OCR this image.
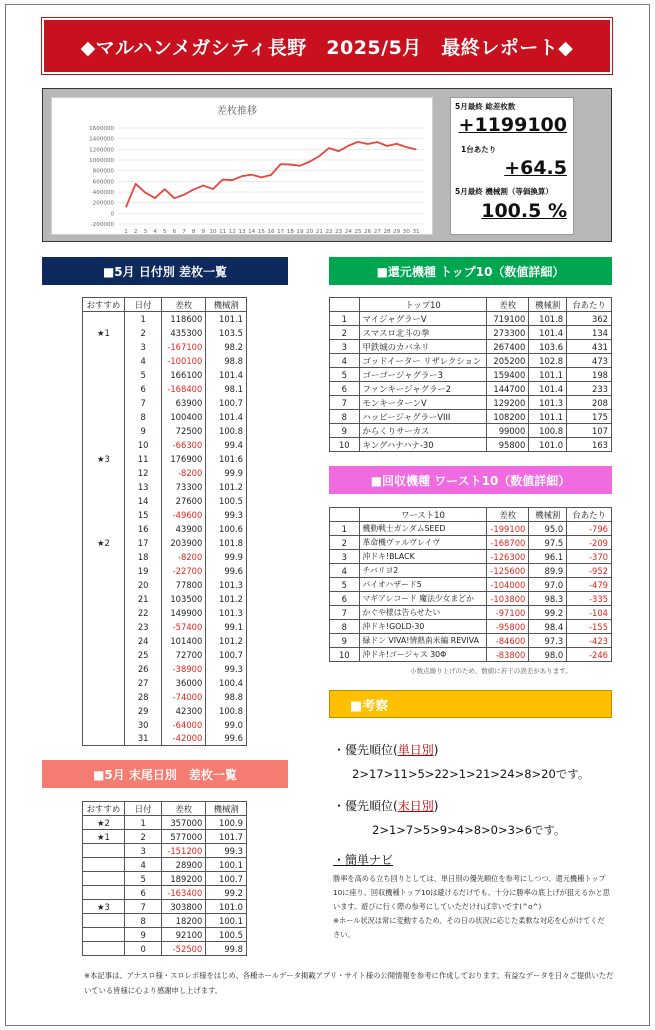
◆マルハンメガシティ長野　2025/5月　最終レポート◆
差枚推移
1600000
1400000
1200000
1000000
800000
600000
400000
200000
0
-200000
1 2 3 4 5 6 7 8 9 10 11 12 13 14 15 16 17 18 19 20 21 22 23 24 25 26 27 28 29 30 31
5月最終 総差枚数
+1199100
1台あたり
+64.5
5月最終 機械割（等価換算）
100.5 %
■5月 日付別 差枚一覧
おすすめ	日付	差枚	機械割
	1	118600	101.1
★1	2	435300	103.5
	3	-167100	98.2
	4	-100100	98.8
	5	166100	101.4
	6	-168400	98.1
	7	63900	100.7
	8	100400	101.4
	9	72500	100.8
	10	-66300	99.4
★3	11	176900	101.6
	12	-8200	99.9
	13	73300	101.2
	14	27600	100.5
	15	-49600	99.3
	16	43900	100.6
★2	17	203900	101.8
	18	-8200	99.9
	19	-22700	99.6
	20	77800	101.3
	21	103500	101.2
	22	149900	101.3
	23	-57400	99.1
	24	101400	101.2
	25	72700	100.7
	26	-38900	99.3
	27	36000	100.4
	28	-74000	98.8
	29	42300	100.8
	30	-64000	99.0
	31	-42000	99.6
■5月 末尾日別　差枚一覧
おすすめ	日付	差枚	機械割
★2	1	357000	100.9
★1	2	577000	101.7
	3	-151200	99.3
	4	28900	100.1
	5	189200	100.7
	6	-163400	99.2
★3	7	303800	101.0
	8	18200	100.1
	9	92100	100.5
	0	-52500	99.8
■還元機種 トップ10（数値詳細）
	トップ10	差枚	機械割	台あたり
1	マイジャグラーV	719100	101.8	362
2	スマスロ北斗の拳	273300	101.4	134
3	甲鉄城のカバネリ	267400	103.6	431
4	ゴッドイーター リザレクション	205200	102.8	473
5	ゴーゴージャグラー3	159400	101.1	198
6	ファンキージャグラー2	144700	101.4	233
7	モンキーターンV	129200	101.3	208
8	ハッピージャグラーVIII	108200	101.1	175
9	からくりサーカス	99000	100.8	107
10	キングハナハナ-30	95800	101.0	163
■回収機種 ワースト10（数値詳細）
	ワースト10	差枚	機械割	台あたり
1	機動戦士ガンダムSEED	-199100	95.0	-796
2	革命機ヴァルヴレイヴ	-168700	97.5	-209
3	沖ドキ!BLACK	-126300	96.1	-370
4	チバリヨ2	-125600	89.9	-952
5	バイオハザード5	-104000	97.0	-479
6	マギアレコード 魔法少女まどか	-103800	98.3	-335
7	かぐや様は告らせたい	-97100	99.2	-104
8	沖ドキ!GOLD-30	-95800	98.4	-155
9	緑ドン VIVA!情熱南米編 REVIVA	-84600	97.3	-423
10	沖ドキ!ゴージャス 30Φ	-83800	98.0	-246
小数点繰り上げのため、数値に若干の誤差があります。
■考察
・優先順位(単日別)
2>17>11>5>22>1>21>24>8>20です。
・優先順位(末日別)
2>1>7>5>9>4>8>0>3>6です。
・簡単ナビ
勝率を高める立ち回りとしては、単日別の優先順位を参考にしつつ、還元機種トップ10に座り、回収機種トップ10は避けるだけでも、十分に勝率の底上げが狙えるかと思います。遊びに行く際の参考にしていただければ幸いです(^o^)
※ホール状況は常に変動するため、その日の状況に応じた柔軟な対応を心がけてください。
※本記事は、アナスロ様・スロレポ様をはじめ、各種ホールデータ掲載アプリ・サイト様の公開情報を参考に作成しております。有益なデータを日々ご提供いただいている皆様に心より感謝申し上げます。
